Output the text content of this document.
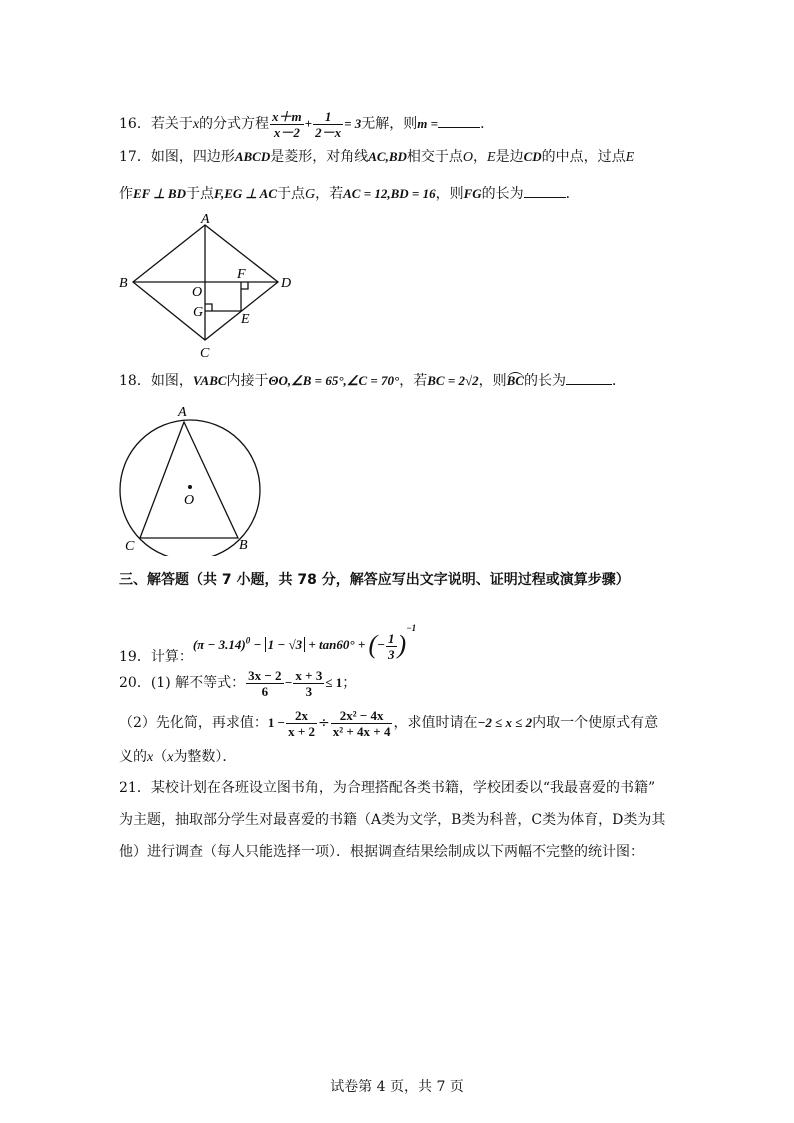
16．若关于x的分式方程 $\frac{x+m}{x-2} + \frac{1}{2-x} = 3$无解，则m =	．
17．如图，四边形ABCD是菱形，对角线AC,BD相交于点O，E是边CD的中点，过点E
作EF ⊥ BD于点F,EG ⊥ AC于点G，若AC = 12,BD = 16，则FG的长为	．
A
B
C
D
O
F
G	E
18．如图，VABC内接于ΘO,∠B = 65°,∠C = 70°，若BC = 2√2，则BC的长为	．
A
C	B
O
三、解答题（共 7 小题，共 78 分，解答应写出文字说明、证明过程或演算步骤）
19．计算：$(\pi - 3.14)^0 - 1 - √3 + \tan 60^\circ$ + (− $\frac{1}{3} )^{-1}$
20．(1) 解不等式： $\frac{3x - 2}{6} - \frac{x + 3}{3} \le 1$；
（2）先化简，再求值：$1 - \frac{2x}{x + 2} \div \frac{\text{2x² − 4x}}{\text{x² + 4x + 4}}$ ，求值时请在−2 ≤ x ≤ 2内取一个使原式有意
义的x（x为整数）．
21．某校计划在各班设立图书角，为合理搭配各类书籍，学校团委以“我最喜爱的书籍”
为主题，抽取部分学生对最喜爱的书籍（A类为文学，B类为科普，C类为体育，D类为其
他）进行调查（每人只能选择一项）．根据调查结果绘制成以下两幅不完整的统计图：
试卷第 4 页，共 7 页
